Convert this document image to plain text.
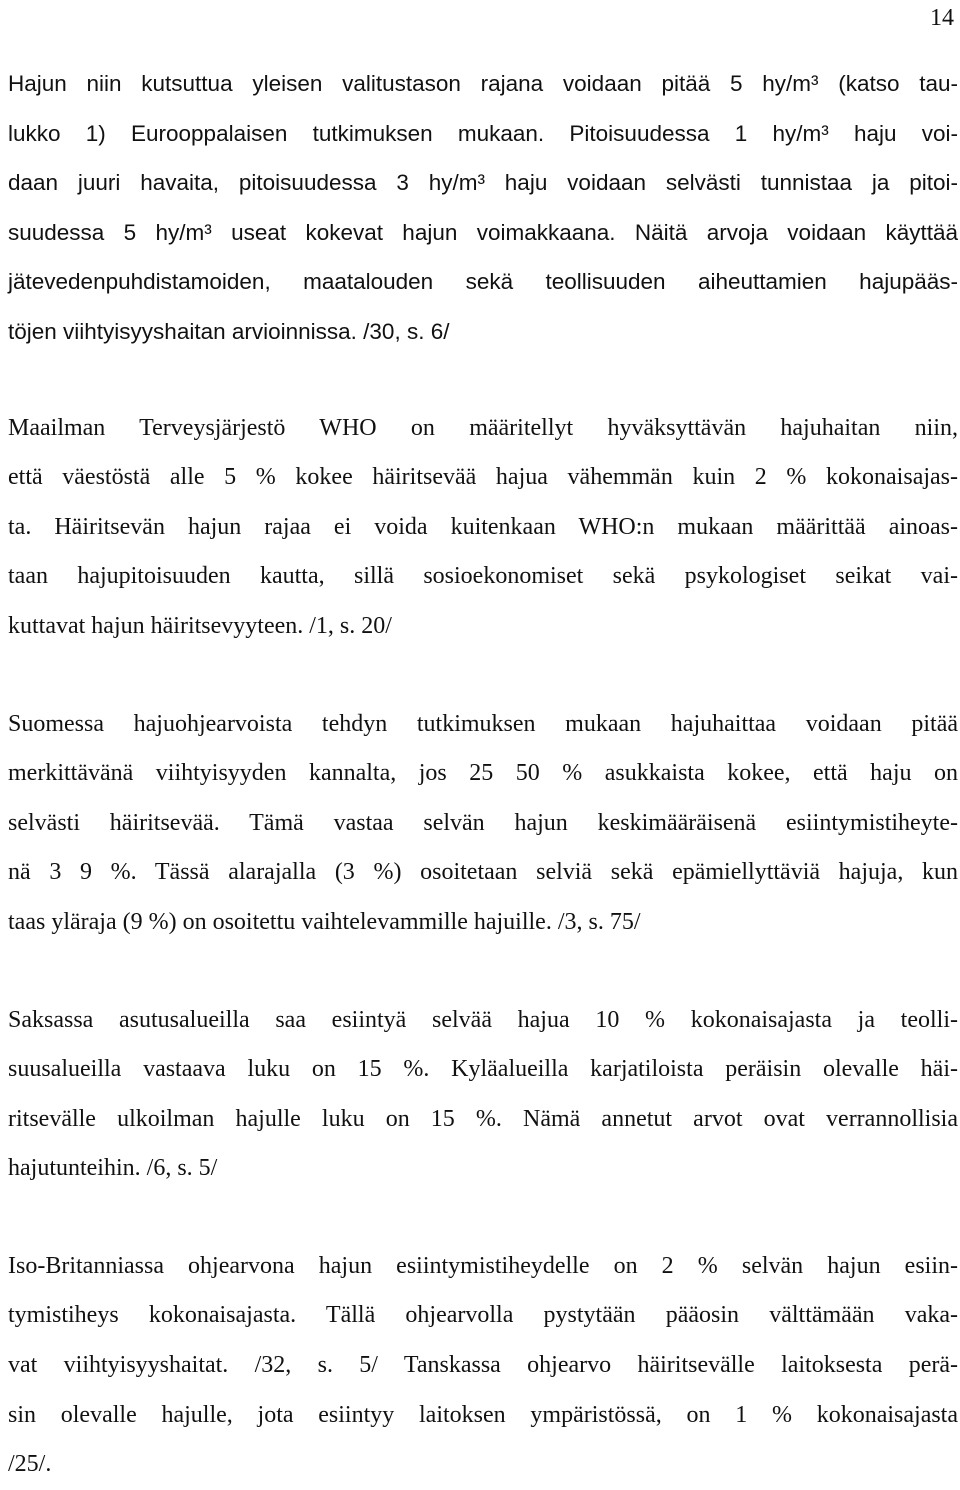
14

Hajun niin kutsuttua yleisen valitustason rajana voidaan pitää 5 hy/m³ (katso tau-
lukko 1) Eurooppalaisen tutkimuksen mukaan. Pitoisuudessa 1 hy/m³ haju voi-
daan juuri havaita, pitoisuudessa 3 hy/m³ haju voidaan selvästi tunnistaa ja pitoi-
suudessa 5 hy/m³ useat kokevat hajun voimakkaana. Näitä arvoja voidaan käyttää
jätevedenpuhdistamoiden, maatalouden sekä teollisuuden aiheuttamien hajupääs-
töjen viihtyisyyshaitan arvioinnissa. /30, s. 6/

Maailman Terveysjärjestö WHO on määritellyt hyväksyttävän hajuhaitan niin,
että väestöstä alle 5 % kokee häiritsevää hajua vähemmän kuin 2 % kokonaisajas-
ta. Häiritsevän hajun rajaa ei voida kuitenkaan WHO:n mukaan määrittää ainoas-
taan hajupitoisuuden kautta, sillä sosioekonomiset sekä psykologiset seikat vai-
kuttavat hajun häiritsevyyteen. /1, s. 20/

Suomessa hajuohjearvoista tehdyn tutkimuksen mukaan hajuhaittaa voidaan pitää
merkittävänä viihtyisyyden kannalta, jos 25 50 % asukkaista kokee, että haju on
selvästi häiritsevää. Tämä vastaa selvän hajun keskimääräisenä esiintymistiheyte-
nä 3 9 %. Tässä alarajalla (3 %) osoitetaan selviä sekä epämiellyttäviä hajuja, kun
taas yläraja (9 %) on osoitettu vaihtelevammille hajuille. /3, s. 75/

Saksassa asutusalueilla saa esiintyä selvää hajua 10 % kokonaisajasta ja teolli-
suusalueilla vastaava luku on 15 %. Kyläalueilla karjatiloista peräisin olevalle häi-
ritsevälle ulkoilman hajulle luku on 15 %. Nämä annetut arvot ovat verrannollisia
hajutunteihin. /6, s. 5/

Iso-Britanniassa ohjearvona hajun esiintymistiheydelle on 2 % selvän hajun esiin-
tymistiheys kokonaisajasta. Tällä ohjearvolla pystytään pääosin välttämään vaka-
vat viihtyisyyshaitat. /32, s. 5/ Tanskassa ohjearvo häiritsevälle laitoksesta perä-
sin olevalle hajulle, jota esiintyy laitoksen ympäristössä, on 1 % kokonaisajasta
/25/.
